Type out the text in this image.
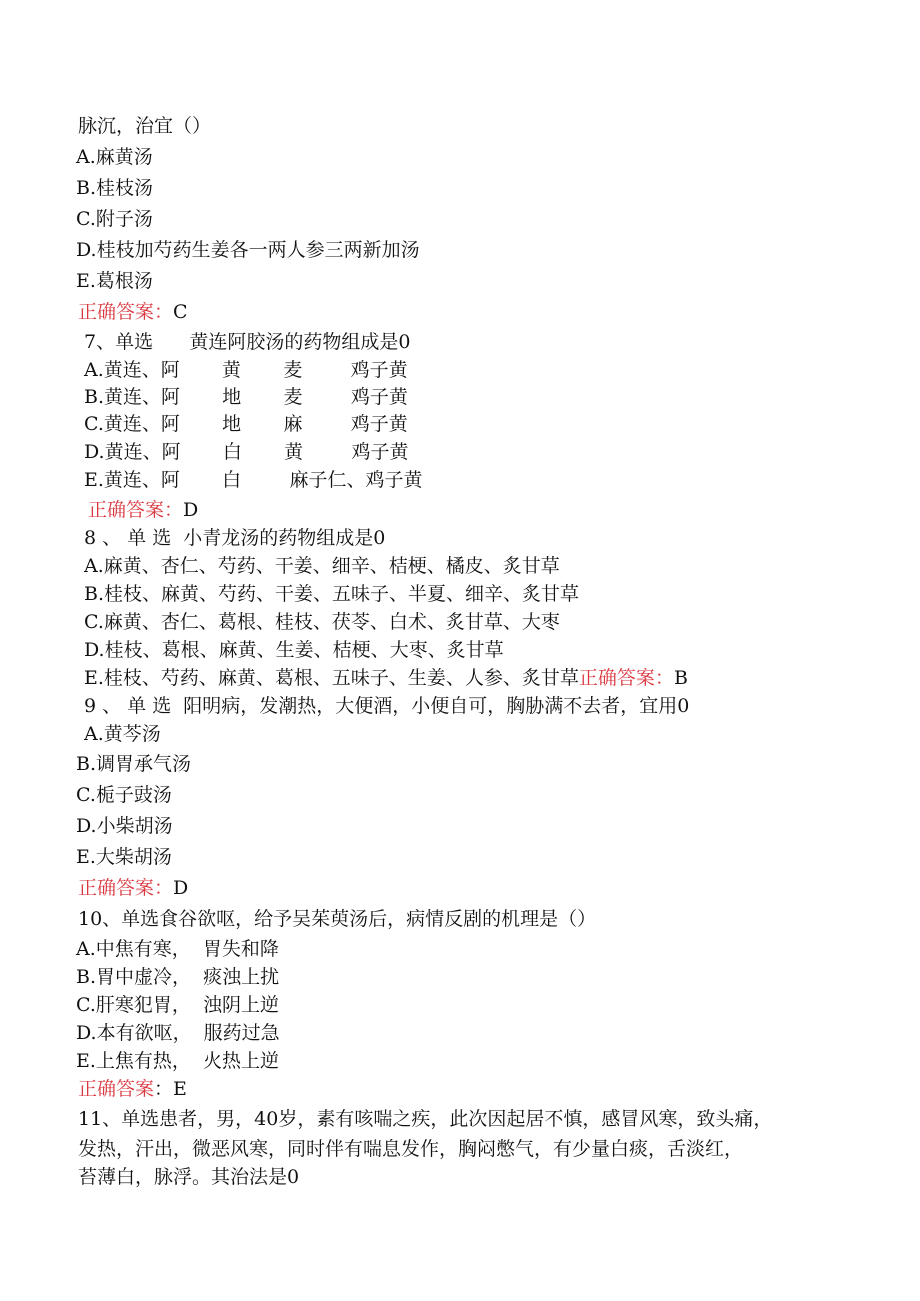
脉沉，治宜（）
A.麻黄汤
B.桂枝汤
C.附子汤
D.桂枝加芍药生姜各一两人参三两新加汤
E.葛根汤
正确答案：C
7、单选      黄连阿胶汤的药物组成是0
A.黄连、阿       黄       麦        鸡子黄
B.黄连、阿       地       麦        鸡子黄
C.黄连、阿       地       麻        鸡子黄
D.黄连、阿       白       黄        鸡子黄
E.黄连、阿       白        麻子仁、鸡子黄
正确答案：D
8 、 单 选  小青龙汤的药物组成是0
A.麻黄、杏仁、芍药、干姜、细辛、桔梗、橘皮、炙甘草
B.桂枝、麻黄、芍药、干姜、五味子、半夏、细辛、炙甘草
C.麻黄、杏仁、葛根、桂枝、茯苓、白术、炙甘草、大枣
D.桂枝、葛根、麻黄、生姜、桔梗、大枣、炙甘草
E.桂枝、芍药、麻黄、葛根、五味子、生姜、人参、炙甘草正确答案：B
9 、 单 选  阳明病，发潮热，大便酒，小便自可，胸胁满不去者，宜用0
A.黄芩汤
B.调胃承气汤
C.栀子豉汤
D.小柴胡汤
E.大柴胡汤
正确答案：D
10、单选食谷欲呕，给予吴茱萸汤后，病情反剧的机理是（）
A.中焦有寒，  胃失和降
B.胃中虚冷，  痰浊上扰
C.肝寒犯胃，  浊阴上逆
D.本有欲呕，  服药过急
E.上焦有热，  火热上逆
正确答案：E
11、单选患者，男，40岁，素有咳喘之疾，此次因起居不慎，感冒风寒，致头痛，
发热，汗出，微恶风寒，同时伴有喘息发作，胸闷憋气，有少量白痰，舌淡红，
苔薄白，脉浮。其治法是0
